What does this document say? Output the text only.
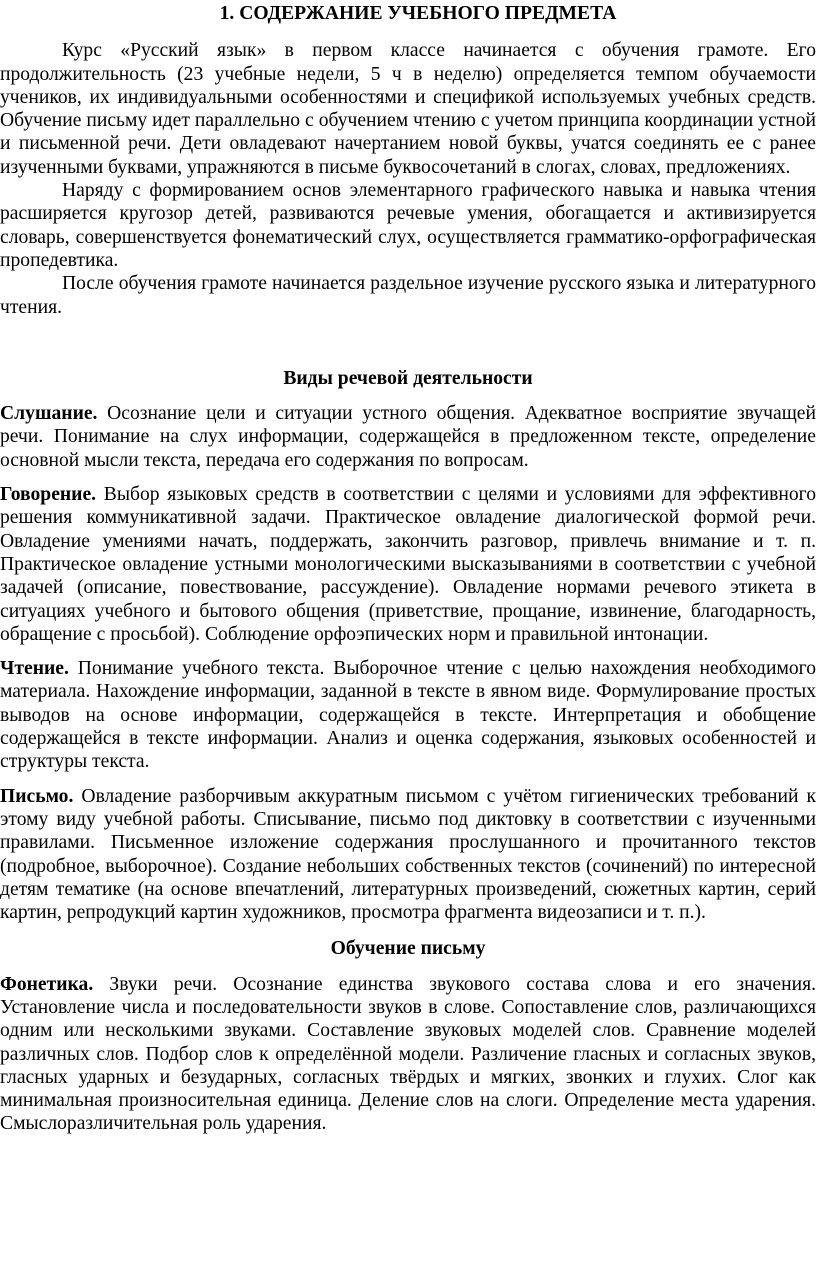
1. СОДЕРЖАНИЕ УЧЕБНОГО ПРЕДМЕТА

Курс «Русский язык» в первом классе начинается с обучения грамоте. Его продолжительность (23 учебные недели, 5 ч в неделю) определяется темпом обучаемости учеников, их индивидуальными особенностями и спецификой используемых учебных средств. Обучение письму идет параллельно с обучением чтению с учетом принципа координации устной и письменной речи. Дети овладевают начертанием новой буквы, учатся соединять ее с ранее изученными буквами, упражняются в письме буквосочетаний в слогах, словах, предложениях.

Наряду с формированием основ элементарного графического навыка и навыка чтения расширяется кругозор детей, развиваются речевые умения, обогащается и активизируется словарь, совершенствуется фонематический слух, осуществляется грамматико-орфографическая пропедевтика.

После обучения грамоте начинается раздельное изучение русского языка и литературного чтения.

Виды речевой деятельности

Слушание. Осознание цели и ситуации устного общения. Адекватное восприятие звучащей речи. Понимание на слух информации, содержащейся в предложенном тексте, определение основной мысли текста, передача его содержания по вопросам.

Говорение. Выбор языковых средств в соответствии с целями и условиями для эффективного решения коммуникативной задачи. Практическое овладение диалогической формой речи. Овладение умениями начать, поддержать, закончить разговор, привлечь внимание и т. п. Практическое овладение устными монологическими высказываниями в соответствии с учебной задачей (описание, повествование, рассуждение). Овладение нормами речевого этикета в ситуациях учебного и бытового общения (приветствие, прощание, извинение, благодарность, обращение с просьбой). Соблюдение орфоэпических норм и правильной интонации.

Чтение. Понимание учебного текста. Выборочное чтение с целью нахождения необходимого материала. Нахождение информации, заданной в тексте в явном виде. Формулирование простых выводов на основе информации, содержащейся в тексте. Интерпретация и обобщение содержащейся в тексте информации. Анализ и оценка содержания, языковых особенностей и структуры текста.

Письмо. Овладение разборчивым аккуратным письмом с учётом гигиенических требований к этому виду учебной работы. Списывание, письмо под диктовку в соответствии с изученными правилами. Письменное изложение содержания прослушанного и прочитанного текстов (подробное, выборочное). Создание небольших собственных текстов (сочинений) по интересной детям тематике (на основе впечатлений, литературных произведений, сюжетных картин, серий картин, репродукций картин художников, просмотра фрагмента видеозаписи и т. п.).

Обучение письму

Фонетика. Звуки речи. Осознание единства звукового состава слова и его значения. Установление числа и последовательности звуков в слове. Сопоставление слов, различающихся одним или несколькими звуками. Составление звуковых моделей слов. Сравнение моделей различных слов. Подбор слов к определённой модели. Различение гласных и согласных звуков, гласных ударных и безударных, согласных твёрдых и мягких, звонких и глухих. Слог как минимальная произносительная единица. Деление слов на слоги. Определение места ударения. Смыслоразличительная роль ударения.
